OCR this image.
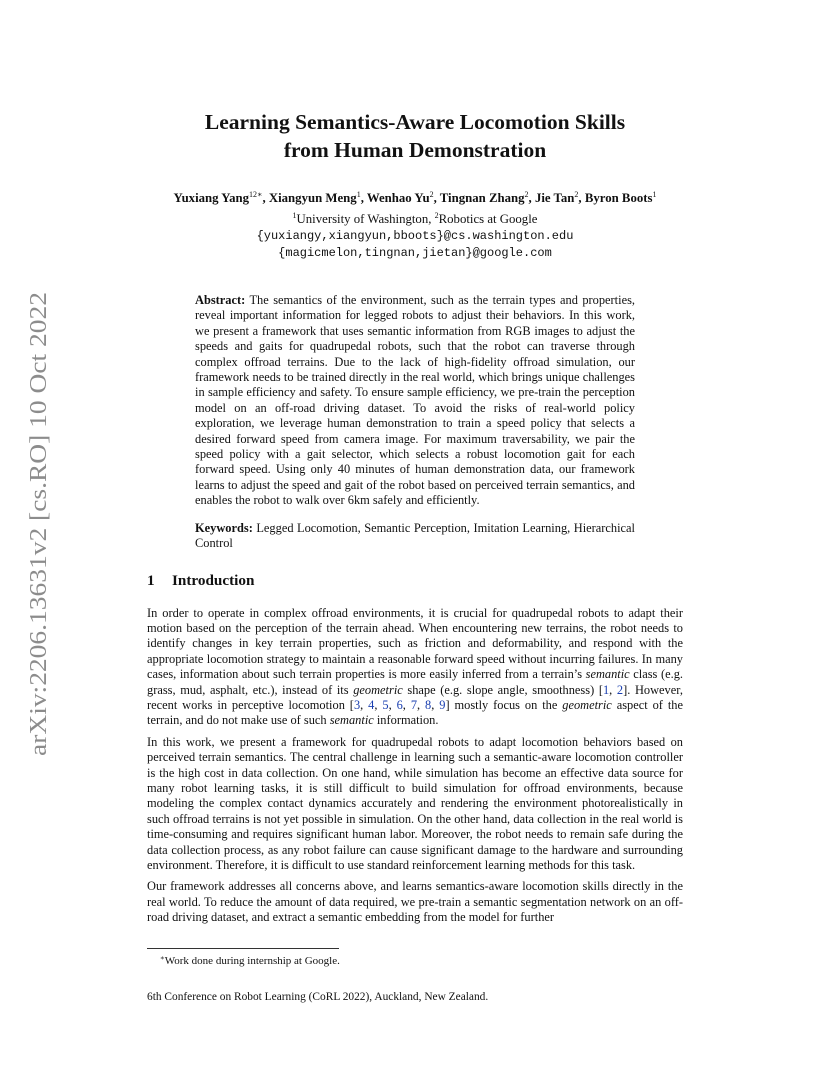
arXiv:2206.13631v2 [cs.RO] 10 Oct 2022
Learning Semantics-Aware Locomotion Skills
from Human Demonstration
Yuxiang Yang$^{12∗}$, Xiangyun Meng$^1$, Wenhao Yu$^2$, Tingnan Zhang$^2$, Jie Tan$^2$, Byron Boots$^1$
$^1$University of Washington, $^2$Robotics at Google
{yuxiangy,xiangyun,bboots}@cs.washington.edu
{magicmelon,tingnan,jietan}@google.com
Abstract: The semantics of the environment, such as the terrain types and properties, reveal important information for legged robots to adjust their behaviors. In this work, we present a framework that uses semantic information from RGB images to adjust the speeds and gaits for quadrupedal robots, such that the robot can traverse through complex offroad terrains. Due to the lack of high-fidelity offroad simulation, our framework needs to be trained directly in the real world, which brings unique challenges in sample efficiency and safety. To ensure sample efficiency, we pre-train the perception model on an off-road driving dataset. To avoid the risks of real-world policy exploration, we leverage human demonstration to train a speed policy that selects a desired forward speed from camera image. For maximum traversability, we pair the speed policy with a gait selector, which selects a robust locomotion gait for each forward speed. Using only 40 minutes of human demonstration data, our framework learns to adjust the speed and gait of the robot based on perceived terrain semantics, and enables the robot to walk over 6km safely and efficiently.
Keywords: Legged Locomotion, Semantic Perception, Imitation Learning, Hierarchical Control
1 Introduction

In order to operate in complex offroad environments, it is crucial for quadrupedal robots to adapt their motion based on the perception of the terrain ahead. When encountering new terrains, the robot needs to identify changes in key terrain properties, such as friction and deformability, and respond with the appropriate locomotion strategy to maintain a reasonable forward speed without incurring failures. In many cases, information about such terrain properties is more easily inferred from a terrain’s semantic class (e.g. grass, mud, asphalt, etc.), instead of its geometric shape (e.g. slope angle, smoothness) [1, 2]. However, recent works in perceptive locomotion [3, 4, 5, 6, 7, 8, 9] mostly focus on the geometric aspect of the terrain, and do not make use of such semantic information.

In this work, we present a framework for quadrupedal robots to adapt locomotion behaviors based on perceived terrain semantics. The central challenge in learning such a semantic-aware locomotion controller is the high cost in data collection. On one hand, while simulation has become an effective data source for many robot learning tasks, it is still difficult to build simulation for offroad environments, because modeling the complex contact dynamics accurately and rendering the environment photorealistically in such offroad terrains is not yet possible in simulation. On the other hand, data collection in the real world is time-consuming and requires significant human labor. Moreover, the robot needs to remain safe during the data collection process, as any robot failure can cause significant damage to the hardware and surrounding environment. Therefore, it is difficult to use standard reinforcement learning methods for this task.

Our framework addresses all concerns above, and learns semantics-aware locomotion skills directly in the real world. To reduce the amount of data required, we pre-train a semantic segmentation network on an off-road driving dataset, and extract a semantic embedding from the model for further

∗Work done during internship at Google.
6th Conference on Robot Learning (CoRL 2022), Auckland, New Zealand.
